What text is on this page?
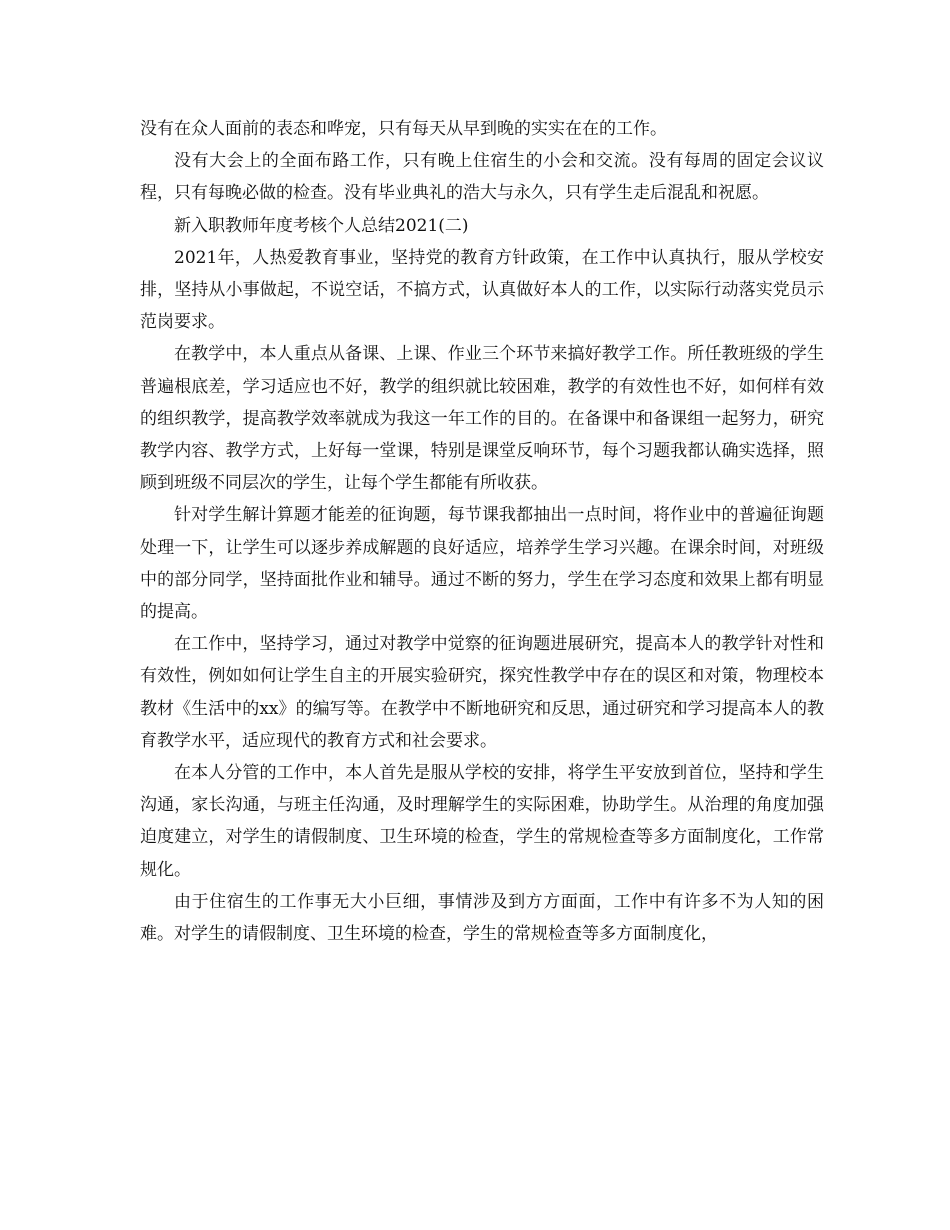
没有在众人面前的表态和哗宠，只有每天从早到晚的实实在在的工作。

没有大会上的全面布路工作，只有晚上住宿生的小会和交流。没有每周的固定会议议程，只有每晚必做的检查。没有毕业典礼的浩大与永久，只有学生走后混乱和祝愿。

新入职教师年度考核个人总结2021(二)

2021年，人热爱教育事业，坚持党的教育方针政策，在工作中认真执行，服从学校安排，坚持从小事做起，不说空话，不搞方式，认真做好本人的工作，以实际行动落实党员示范岗要求。

在教学中，本人重点从备课、上课、作业三个环节来搞好教学工作。所任教班级的学生普遍根底差，学习适应也不好，教学的组织就比较困难，教学的有效性也不好，如何样有效的组织教学，提高教学效率就成为我这一年工作的目的。在备课中和备课组一起努力，研究教学内容、教学方式，上好每一堂课，特别是课堂反响环节，每个习题我都认确实选择，照顾到班级不同层次的学生，让每个学生都能有所收获。

针对学生解计算题才能差的征询题，每节课我都抽出一点时间，将作业中的普遍征询题处理一下，让学生可以逐步养成解题的良好适应，培养学生学习兴趣。在课余时间，对班级中的部分同学，坚持面批作业和辅导。通过不断的努力，学生在学习态度和效果上都有明显的提高。

在工作中，坚持学习，通过对教学中觉察的征询题进展研究，提高本人的教学针对性和有效性，例如如何让学生自主的开展实验研究，探究性教学中存在的误区和对策，物理校本教材《生活中的xx》的编写等。在教学中不断地研究和反思，通过研究和学习提高本人的教育教学水平，适应现代的教育方式和社会要求。

在本人分管的工作中，本人首先是服从学校的安排，将学生平安放到首位，坚持和学生沟通，家长沟通，与班主任沟通，及时理解学生的实际困难，协助学生。从治理的角度加强迫度建立，对学生的请假制度、卫生环境的检查，学生的常规检查等多方面制度化，工作常规化。

由于住宿生的工作事无大小巨细，事情涉及到方方面面，工作中有许多不为人知的困难。对学生的请假制度、卫生环境的检查，学生的常规检查等多方面制度化，
